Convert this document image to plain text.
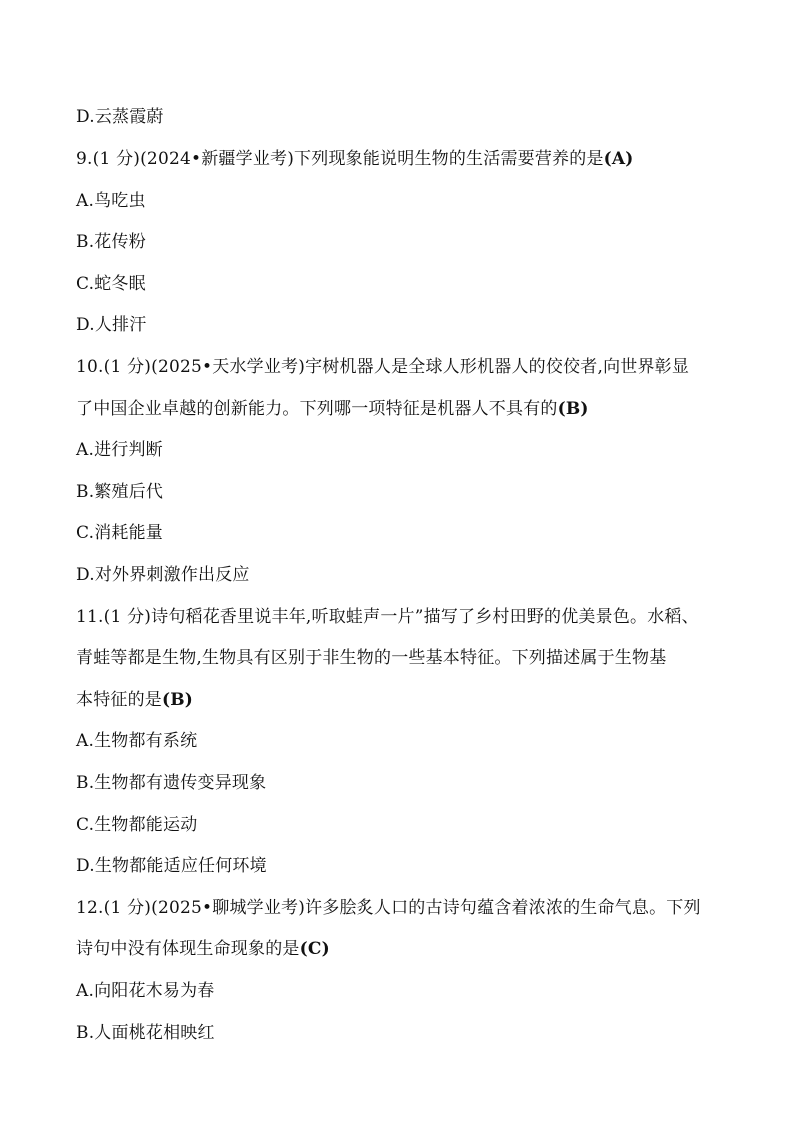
D.云蒸霞蔚
9.(1 分)(2024•新疆学业考)下列现象能说明生物的生活需要营养的是(A)
A.鸟吃虫
B.花传粉
C.蛇冬眠
D.人排汗
10.(1 分)(2025•天水学业考)宇树机器人是全球人形机器人的佼佼者,向世界彰显
了中国企业卓越的创新能力。下列哪一项特征是机器人不具有的(B)
A.进行判断
B.繁殖后代
C.消耗能量
D.对外界刺激作出反应
11.(1 分)诗句稻花香里说丰年,听取蛙声一片”描写了乡村田野的优美景色。水稻、
青蛙等都是生物,生物具有区别于非生物的一些基本特征。下列描述属于生物基
本特征的是(B)
A.生物都有系统
B.生物都有遗传变异现象
C.生物都能运动
D.生物都能适应任何环境
12.(1 分)(2025•聊城学业考)许多脍炙人口的古诗句蕴含着浓浓的生命气息。下列
诗句中没有体现生命现象的是(C)
A.向阳花木易为春
B.人面桃花相映红
